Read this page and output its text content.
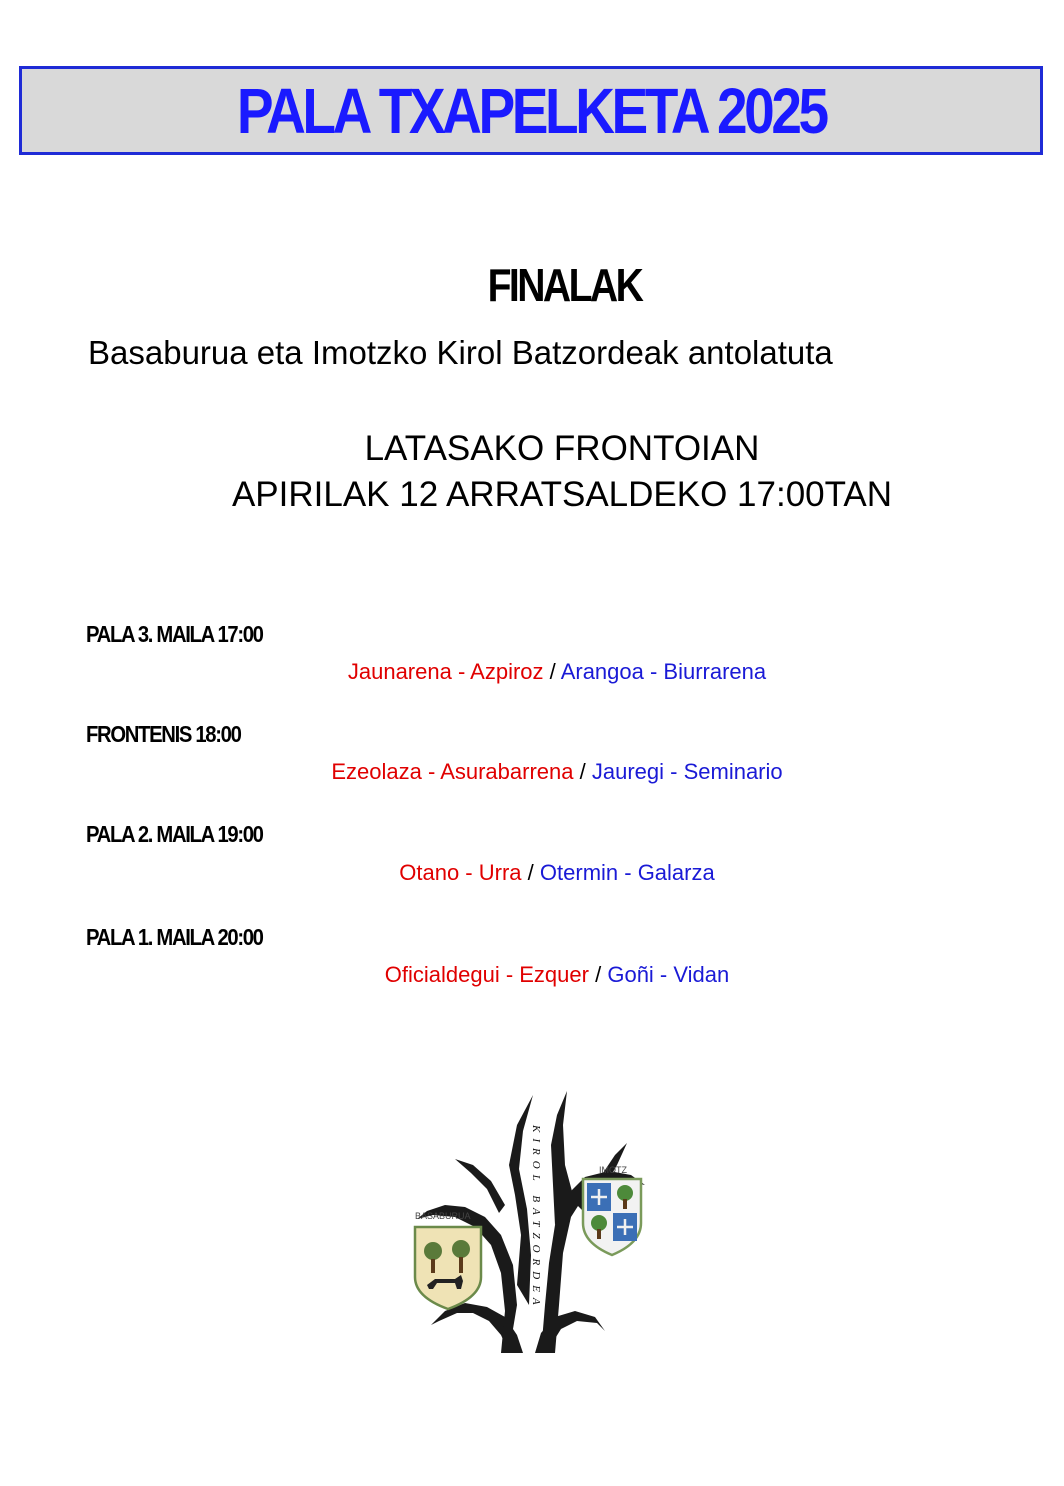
PALA TXAPELKETA 2025
FINALAK
Basaburua eta Imotzko Kirol Batzordeak antolatuta
LATASAKO FRONTOIAN
APIRILAK 12 ARRATSALDEKO 17:00TAN
PALA 3. MAILA 17:00
Jaunarena - Azpiroz / Arangoa - Biurrarena
FRONTENIS 18:00
Ezeolaza - Asurabarrena / Jauregi - Seminario
PALA 2. MAILA 19:00
Otano - Urra / Otermin - Galarza
PALA 1. MAILA 20:00
Oficialdegui - Ezquer / Goñi - Vidan
KIROL BATZORDEA
BASABURUA
IMOTZ
